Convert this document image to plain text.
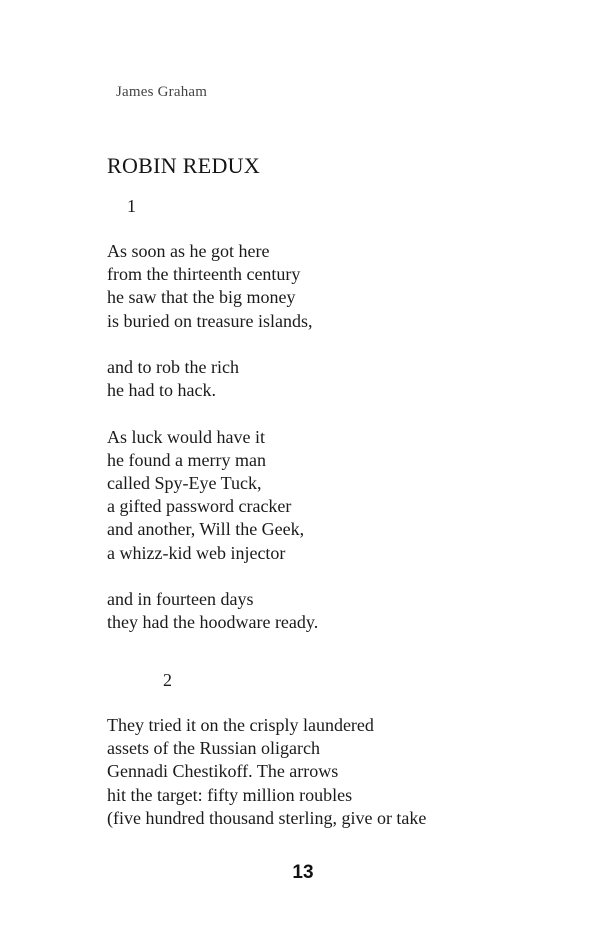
James Graham
ROBIN REDUX
1
As soon as he got here
from the thirteenth century
he saw that the big money
is buried on treasure islands,
and to rob the rich
he had to hack.
As luck would have it
he found a merry man
called Spy-Eye Tuck,
a gifted password cracker
and another, Will the Geek,
a whizz-kid web injector
and in fourteen days
they had the hoodware ready.
2
They tried it on the crisply laundered
assets of the Russian oligarch
Gennadi Chestikoff. The arrows
hit the target: fifty million roubles
(five hundred thousand sterling, give or take
13
